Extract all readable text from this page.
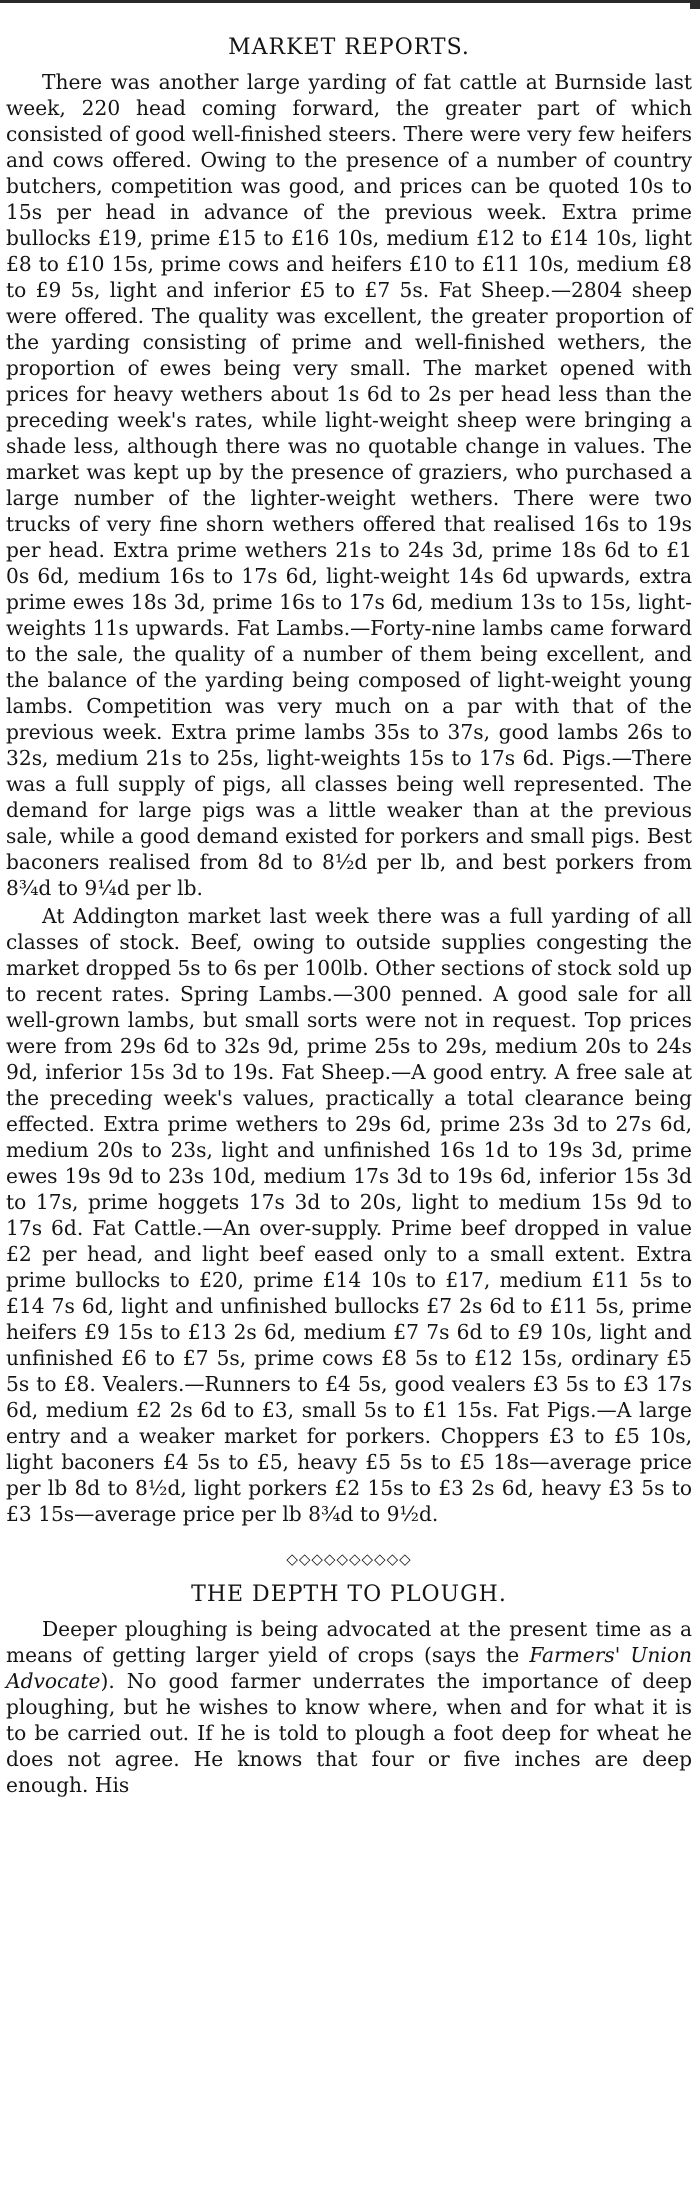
MARKET REPORTS.

There was another large yarding of fat cattle at Burnside last week, 220 head coming forward, the greater part of which consisted of good well-finished steers. There were very few heifers and cows offered. Owing to the presence of a number of country butchers, competition was good, and prices can be quoted 10s to 15s per head in advance of the previous week. Extra prime bullocks £19, prime £15 to £16 10s, medium £12 to £14 10s, light £8 to £10 15s, prime cows and heifers £10 to £11 10s, medium £8 to £9 5s, light and inferior £5 to £7 5s. Fat Sheep.—2804 sheep were offered. The quality was excellent, the greater proportion of the yarding consisting of prime and well-finished wethers, the proportion of ewes being very small. The market opened with prices for heavy wethers about 1s 6d to 2s per head less than the preceding week's rates, while light-weight sheep were bringing a shade less, although there was no quotable change in values. The market was kept up by the presence of graziers, who purchased a large number of the lighter-weight wethers. There were two trucks of very fine shorn wethers offered that realised 16s to 19s per head. Extra prime wethers 21s to 24s 3d, prime 18s 6d to £1 0s 6d, medium 16s to 17s 6d, light-weight 14s 6d upwards, extra prime ewes 18s 3d, prime 16s to 17s 6d, medium 13s to 15s, light-weights 11s upwards. Fat Lambs.—Forty-nine lambs came forward to the sale, the quality of a number of them being excellent, and the balance of the yarding being composed of light-weight young lambs. Competition was very much on a par with that of the previous week. Extra prime lambs 35s to 37s, good lambs 26s to 32s, medium 21s to 25s, light-weights 15s to 17s 6d. Pigs.—There was a full supply of pigs, all classes being well represented. The demand for large pigs was a little weaker than at the previous sale, while a good demand existed for porkers and small pigs. Best baconers realised from 8d to 8½d per lb, and best porkers from 8¾d to 9¼d per lb.

At Addington market last week there was a full yarding of all classes of stock. Beef, owing to outside supplies congesting the market dropped 5s to 6s per 100lb. Other sections of stock sold up to recent rates. Spring Lambs.—300 penned. A good sale for all well-grown lambs, but small sorts were not in request. Top prices were from 29s 6d to 32s 9d, prime 25s to 29s, medium 20s to 24s 9d, inferior 15s 3d to 19s. Fat Sheep.—A good entry. A free sale at the preceding week's values, practically a total clearance being effected. Extra prime wethers to 29s 6d, prime 23s 3d to 27s 6d, medium 20s to 23s, light and unfinished 16s 1d to 19s 3d, prime ewes 19s 9d to 23s 10d, medium 17s 3d to 19s 6d, inferior 15s 3d to 17s, prime hoggets 17s 3d to 20s, light to medium 15s 9d to 17s 6d. Fat Cattle.—An over-supply. Prime beef dropped in value £2 per head, and light beef eased only to a small extent. Extra prime bullocks to £20, prime £14 10s to £17, medium £11 5s to £14 7s 6d, light and unfinished bullocks £7 2s 6d to £11 5s, prime heifers £9 15s to £13 2s 6d, medium £7 7s 6d to £9 10s, light and unfinished £6 to £7 5s, prime cows £8 5s to £12 15s, ordinary £5 5s to £8. Vealers.—Runners to £4 5s, good vealers £3 5s to £3 17s 6d, medium £2 2s 6d to £3, small 5s to £1 15s. Fat Pigs.—A large entry and a weaker market for porkers. Choppers £3 to £5 10s, light baconers £4 5s to £5, heavy £5 5s to £5 18s—average price per lb 8d to 8½d, light porkers £2 15s to £3 2s 6d, heavy £3 5s to £3 15s—average price per lb 8¾d to 9½d.

◇◇◇◇◇◇◇◇◇◇
THE DEPTH TO PLOUGH.

Deeper ploughing is being advocated at the present time as a means of getting larger yield of crops (says the Farmers' Union Advocate). No good farmer underrates the importance of deep ploughing, but he wishes to know where, when and for what it is to be carried out. If he is told to plough a foot deep for wheat he does not agree. He knows that four or five inches are deep enough. His
